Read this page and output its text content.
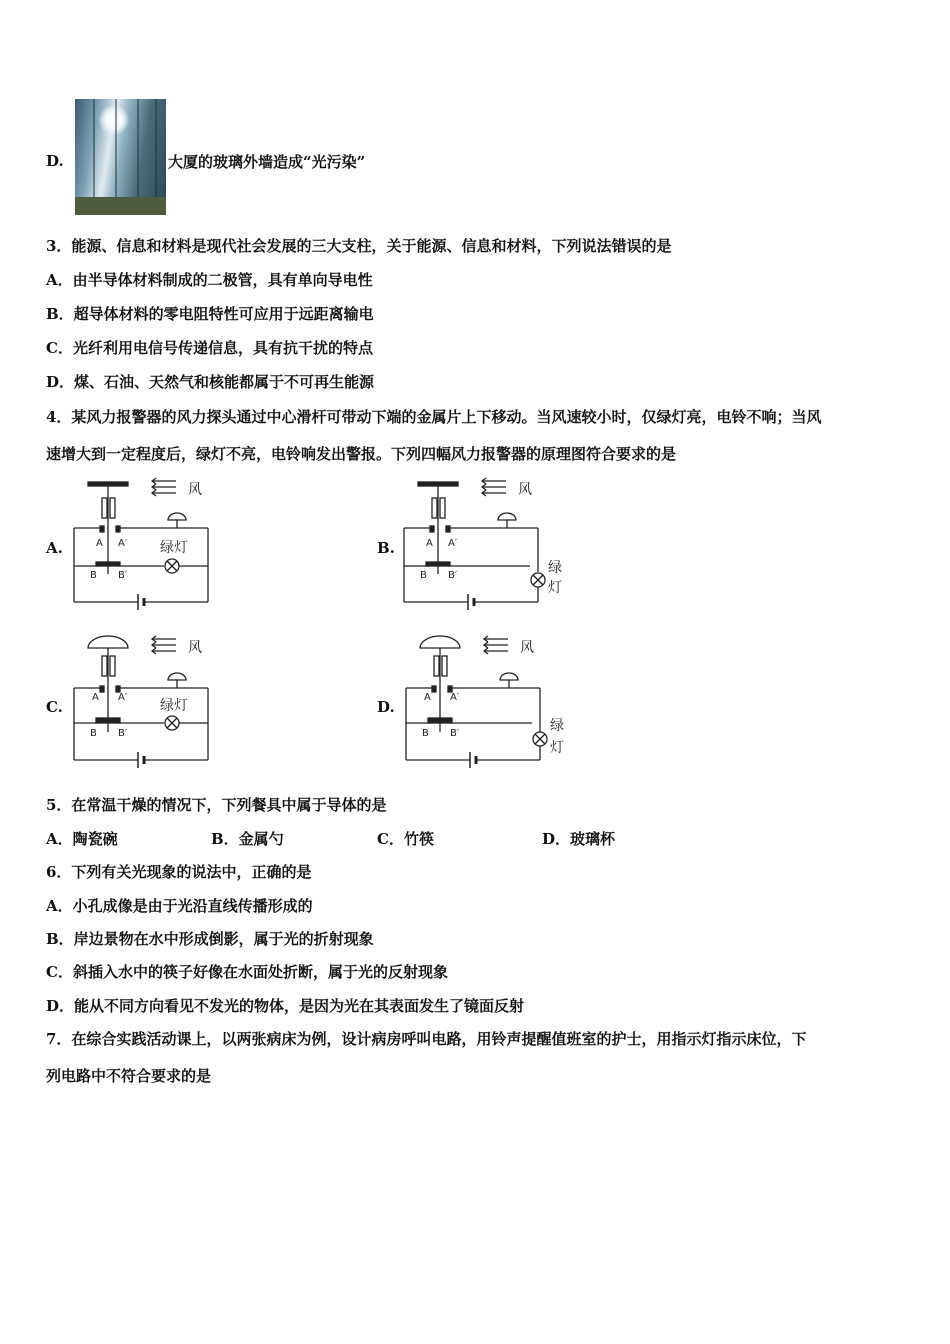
D.	大厦的玻璃外墙造成“光污染”
3．能源、信息和材料是现代社会发展的三大支柱，关于能源、信息和材料，下列说法错误的是
A．由半导体材料制成的二极管，具有单向导电性
B．超导体材料的零电阻特性可应用于远距离输电
C．光纤利用电信号传递信息，具有抗干扰的特点
D．煤、石油、天然气和核能都属于不可再生能源
4．某风力报警器的风力探头通过中心滑杆可带动下端的金属片上下移动。当风速较小时，仅绿灯亮，电铃不响；当风
速增大到一定程度后，绿灯不亮，电铃响发出警报。下列四幅风力报警器的原理图符合要求的是
A.	B.
C.	D.
风
A A′ 绿灯
B B′
风
A A′
绿
灯
B B′
风
A A′
绿灯
B B′
风
A A′
绿
灯
B B′
5．在常温干燥的情况下，下列餐具中属于导体的是
A．陶瓷碗	B．金属勺	C．竹筷	D．玻璃杯
6．下列有关光现象的说法中，正确的是
A．小孔成像是由于光沿直线传播形成的
B．岸边景物在水中形成倒影，属于光的折射现象
C．斜插入水中的筷子好像在水面处折断，属于光的反射现象
D．能从不同方向看见不发光的物体，是因为光在其表面发生了镜面反射
7．在综合实践活动课上，以两张病床为例，设计病房呼叫电路，用铃声提醒值班室的护士，用指示灯指示床位，下
列电路中不符合要求的是
